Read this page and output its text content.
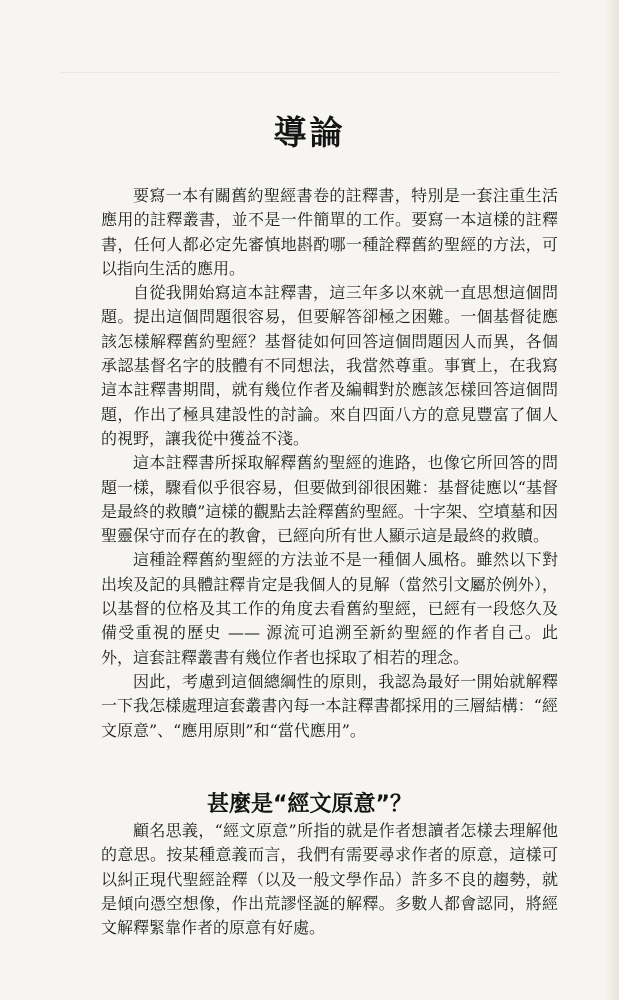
導論

要寫一本有關舊約聖經書卷的註釋書，特別是一套注重生活應用的註釋叢書，並不是一件簡單的工作。要寫一本這樣的註釋書，任何人都必定先審慎地斟酌哪一種詮釋舊約聖經的方法，可以指向生活的應用。

自從我開始寫這本註釋書，這三年多以來就一直思想這個問題。提出這個問題很容易，但要解答卻極之困難。一個基督徒應該怎樣解釋舊約聖經？基督徒如何回答這個問題因人而異，各個承認基督名字的肢體有不同想法，我當然尊重。事實上，在我寫這本註釋書期間，就有幾位作者及編輯對於應該怎樣回答這個問題，作出了極具建設性的討論。來自四面八方的意見豐富了個人的視野，讓我從中獲益不淺。

這本註釋書所採取解釋舊約聖經的進路，也像它所回答的問題一樣，驟看似乎很容易，但要做到卻很困難：基督徒應以“基督是最終的救贖”這樣的觀點去詮釋舊約聖經。十字架、空墳墓和因聖靈保守而存在的教會，已經向所有世人顯示這是最終的救贖。

這種詮釋舊約聖經的方法並不是一種個人風格。雖然以下對出埃及記的具體註釋肯定是我個人的見解（當然引文屬於例外），以基督的位格及其工作的角度去看舊約聖經，已經有一段悠久及備受重視的歷史 —— 源流可追溯至新約聖經的作者自己。此外，這套註釋叢書有幾位作者也採取了相若的理念。

因此，考慮到這個總綱性的原則，我認為最好一開始就解釋一下我怎樣處理這套叢書內每一本註釋書都採用的三層結構：“經文原意”、“應用原則”和“當代應用”。

甚麼是“經文原意”？

顧名思義，“經文原意”所指的就是作者想讀者怎樣去理解他的意思。按某種意義而言，我們有需要尋求作者的原意，這樣可以糾正現代聖經詮釋（以及一般文學作品）許多不良的趨勢，就是傾向憑空想像，作出荒謬怪誕的解釋。多數人都會認同，將經文解釋緊靠作者的原意有好處。
